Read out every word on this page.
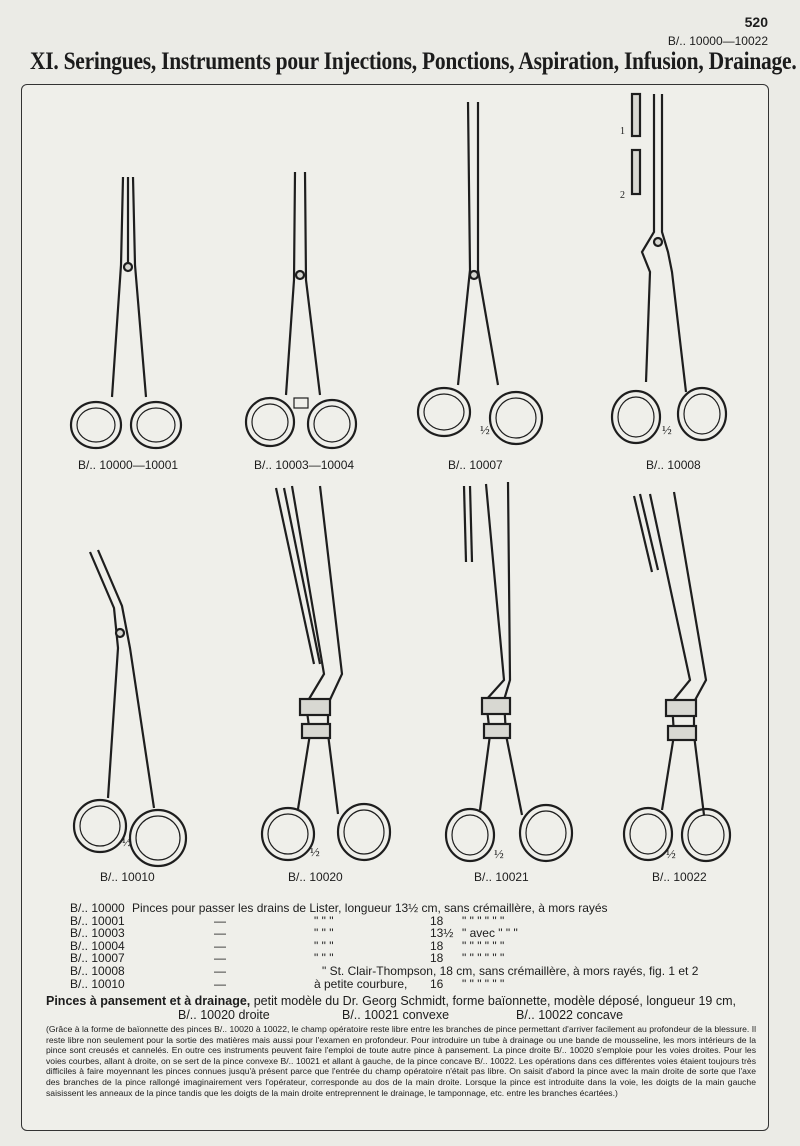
520
B/.. 10000—10022
XI. Seringues, Instruments pour Injections, Ponctions, Aspiration, Infusion, Drainage.
B/.. 10000—10001	B/.. 10003—10004
½
B/.. 10007
1
2
½
B/.. 10008
½
B/.. 10010
½
B/.. 10020
½
B/.. 10021
½
B/.. 10022
B/.. 10000 Pinces pour passer les drains de Lister, longueur 13½ cm, sans crémaillère, à mors rayés
B/.. 10001	—	" " "	18 " " " " " "
B/.. 10003	—	" " "	13½ " avec " " "
B/.. 10004	—	" " "	18 " " " " " "
B/.. 10007	—	" " "	18 " " " " " "
B/.. 10008	—	" St. Clair-Thompson, 18 cm, sans crémaillère, à mors rayés, fig. 1 et 2
B/.. 10010	—	à petite courbure, 16 " " " " " "
Pinces à pansement et à drainage, petit modèle du Dr. Georg Schmidt, forme baïonnette, modèle déposé, longueur 19 cm,
B/.. 10020 droite	B/.. 10021 convexe	B/.. 10022 concave
(Grâce à la forme de baïonnette des pinces B/.. 10020 à 10022, le champ opératoire reste libre entre les branches de pince permettant d'arriver facilement au profondeur de la blessure. Il reste libre non seulement pour la sortie des matières mais aussi pour l'examen en profondeur. Pour introduire un tube à drainage ou une bande de mousseline, les mors intérieurs de la pince sont creusés et cannelés. En outre ces instruments peuvent faire l'emploi de toute autre pince à pansement. La pince droite B/.. 10020 s'emploie pour les voies droites. Pour les voies courbes, allant à droite, on se sert de la pince convexe B/.. 10021 et allant à gauche, de la pince concave B/.. 10022. Les opérations dans ces différentes voies étaient toujours très difficiles à faire moyennant les pinces connues jusqu'à présent parce que l'entrée du champ opératoire n'était pas libre. On saisit d'abord la pince avec la main droite de sorte que l'axe des branches de la pince rallongé imaginairement vers l'opérateur, corresponde au dos de la main droite. Lorsque la pince est introduite dans la voie, les doigts de la main gauche saisissent les anneaux de la pince tandis que les doigts de la main droite entreprennent le drainage, le tamponnage, etc. entre les branches écartées.)
